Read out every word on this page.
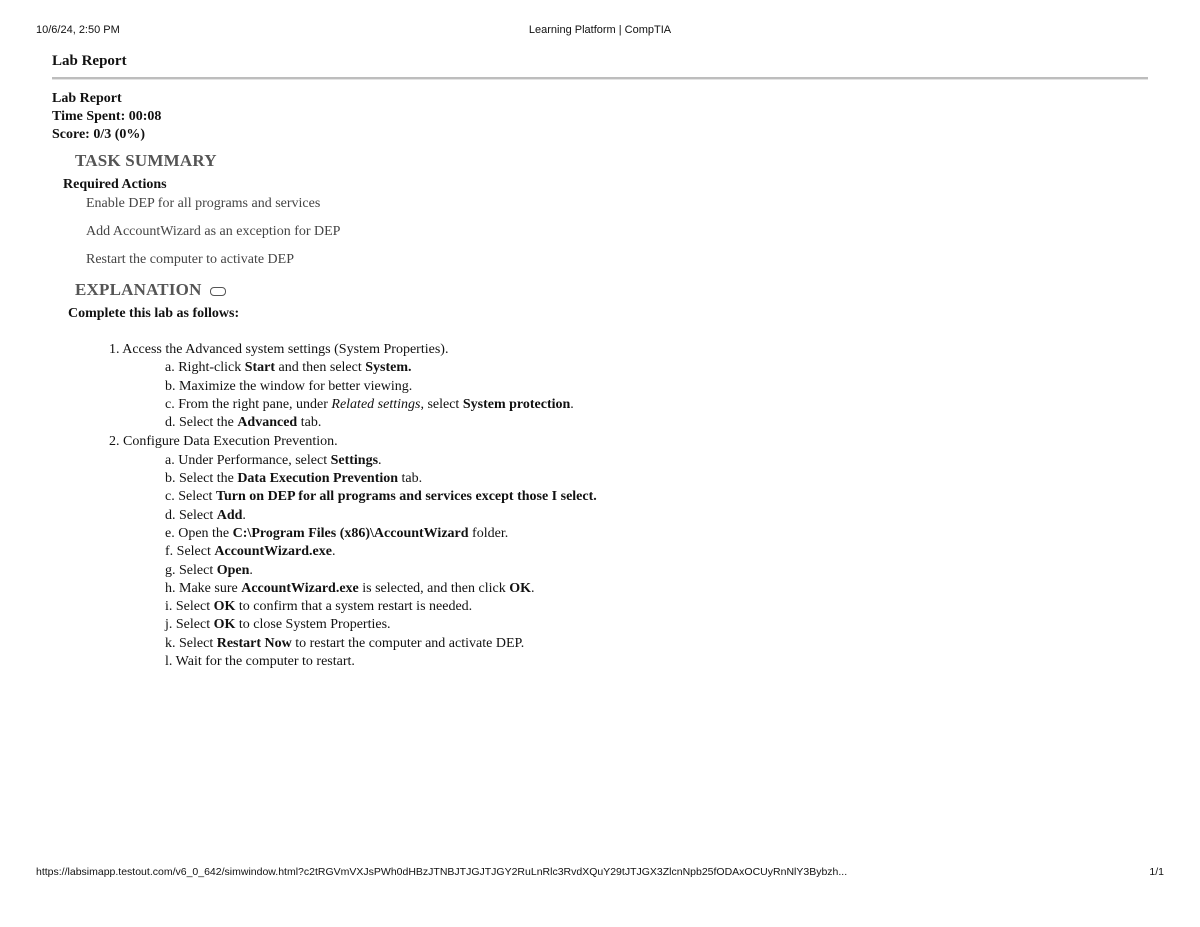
10/6/24, 2:50 PM	Learning Platform | CompTIA
Lab Report
Lab Report
Time Spent: 00:08
Score: 0/3 (0%)
TASK SUMMARY
Required Actions
Enable DEP for all programs and services
Add AccountWizard as an exception for DEP
Restart the computer to activate DEP
EXPLANATION
Complete this lab as follows:
1. Access the Advanced system settings (System Properties).
a. Right-click Start and then select System.
b. Maximize the window for better viewing.
c. From the right pane, under Related settings, select System protection.
d. Select the Advanced tab.
2. Configure Data Execution Prevention.
a. Under Performance, select Settings.
b. Select the Data Execution Prevention tab.
c. Select Turn on DEP for all programs and services except those I select.
d. Select Add.
e. Open the C:\Program Files (x86)\AccountWizard folder.
f. Select AccountWizard.exe.
g. Select Open.
h. Make sure AccountWizard.exe is selected, and then click OK.
i. Select OK to confirm that a system restart is needed.
j. Select OK to close System Properties.
k. Select Restart Now to restart the computer and activate DEP.
l. Wait for the computer to restart.
https://labsimapp.testout.com/v6_0_642/simwindow.html?c2tRGVmVXJsPWh0dHBzJTNBJTJGJTJGY2RuLnRlc3RvdXQuY29tJTJGX3ZlcnNpb25fODAxOCUyRnNlY3Bybzh...	1/1
